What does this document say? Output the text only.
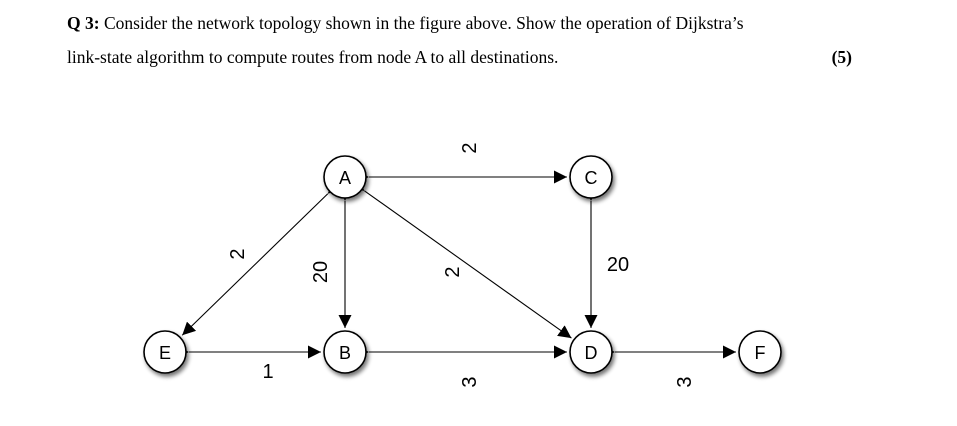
Q 3: Consider the network topology shown in the figure above. Show the operation of Dijkstra’s
link-state algorithm to compute routes from node A to all destinations.	(5)
2
2
20	2	20
1	3	3
A
B
C
D
E	F
